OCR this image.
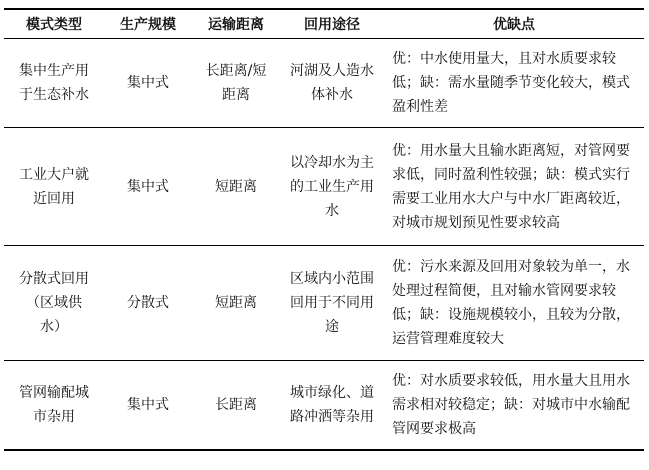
模式类型	生产规模	运输距离	回用途径	优缺点
集中生产用于生态补水	集中式	长距离/短距离	河湖及人造水体补水	优：中水使用量大，且对水质要求较低；缺：需水量随季节变化较大，模式盈利性差
工业大户就近回用	集中式	短距离	以冷却水为主的工业生产用水	优：用水量大且输水距离短，对管网要求低，同时盈利性较强；缺：模式实行需要工业用水大户与中水厂距离较近，对城市规划预见性要求较高
分散式回用（区域供水）	分散式	短距离	区域内小范围回用于不同用途	优：污水来源及回用对象较为单一，水处理过程简便，且对输水管网要求较低；缺：设施规模较小，且较为分散，运营管理难度较大
管网输配城市杂用	集中式	长距离	城市绿化、道路冲洒等杂用	优：对水质要求较低，用水量大且用水需求相对较稳定；缺：对城市中水输配管网要求极高
